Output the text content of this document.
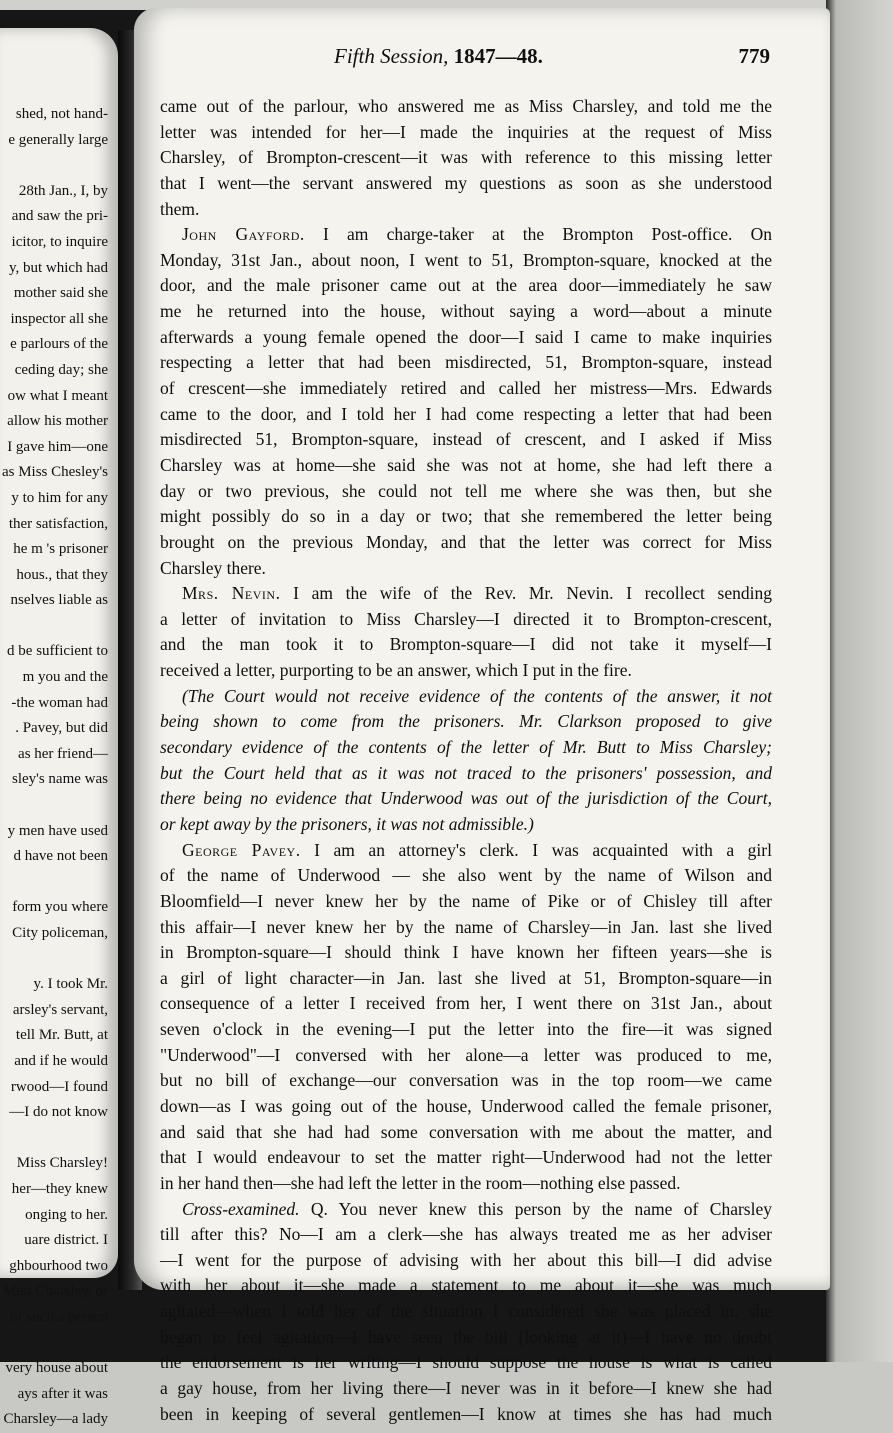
shed, not hand-
e generally large
28th Jan., I, by
and saw the pri-
icitor, to inquire
y, but which had
mother said she
inspector all she
e parlours of the
ceding day; she
ow what I meant
allow his mother
I gave him—one
as Miss Chesley's
y to him for any
ther satisfaction,
he m 's prisoner
hous., that they
nselves liable as
d be sufficient to
m you and the
-the woman had
. Pavey, but did
as her friend—
sley's name was
y men have used
d have not been
form you where
City policeman,
y. I took Mr.
arsley's servant,
tell Mr. Butt, at
and if he would
rwood—I found
—I do not know
Miss Charsley!
her—they knew
onging to her.
uare district. I
ghbourhood two
Miss Charsley, or
of such a person
very house about
ays after it was
Charsley—a lady
Fifth Session, 1847—48.	779
came out of the parlour, who answered me as Miss Charsley, and told me the
letter was intended for her—I made the inquiries at the request of Miss
Charsley, of Brompton-crescent—it was with reference to this missing letter
that I went—the servant answered my questions as soon as she understood
them.
John Gayford. I am charge-taker at the Brompton Post-office. On
Monday, 31st Jan., about noon, I went to 51, Brompton-square, knocked at the
door, and the male prisoner came out at the area door—immediately he saw
me he returned into the house, without saying a word—about a minute
afterwards a young female opened the door—I said I came to make inquiries
respecting a letter that had been misdirected, 51, Brompton-square, instead
of crescent—she immediately retired and called her mistress—Mrs. Edwards
came to the door, and I told her I had come respecting a letter that had been
misdirected 51, Brompton-square, instead of crescent, and I asked if Miss
Charsley was at home—she said she was not at home, she had left there a
day or two previous, she could not tell me where she was then, but she
might possibly do so in a day or two; that she remembered the letter being
brought on the previous Monday, and that the letter was correct for Miss
Charsley there.
Mrs. Nevin. I am the wife of the Rev. Mr. Nevin. I recollect sending
a letter of invitation to Miss Charsley—I directed it to Brompton-crescent,
and the man took it to Brompton-square—I did not take it myself—I
received a letter, purporting to be an answer, which I put in the fire.
(The Court would not receive evidence of the contents of the answer, it not
being shown to come from the prisoners. Mr. Clarkson proposed to give
secondary evidence of the contents of the letter of Mr. Butt to Miss Charsley;
but the Court held that as it was not traced to the prisoners' possession, and
there being no evidence that Underwood was out of the jurisdiction of the Court,
or kept away by the prisoners, it was not admissible.)
George Pavey. I am an attorney's clerk. I was acquainted with a girl
of the name of Underwood — she also went by the name of Wilson and
Bloomfield—I never knew her by the name of Pike or of Chisley till after
this affair—I never knew her by the name of Charsley—in Jan. last she lived
in Brompton-square—I should think I have known her fifteen years—she is
a girl of light character—in Jan. last she lived at 51, Brompton-square—in
consequence of a letter I received from her, I went there on 31st Jan., about
seven o'clock in the evening—I put the letter into the fire—it was signed
"Underwood"—I conversed with her alone—a letter was produced to me,
but no bill of exchange—our conversation was in the top room—we came
down—as I was going out of the house, Underwood called the female prisoner,
and said that she had had some conversation with me about the matter, and
that I would endeavour to set the matter right—Underwood had not the letter
in her hand then—she had left the letter in the room—nothing else passed.
Cross-examined. Q. You never knew this person by the name of Charsley
till after this? No—I am a clerk—she has always treated me as her adviser
—I went for the purpose of advising with her about this bill—I did advise
with her about it—she made a statement to me about it—she was much
agitated—when I told her of the situation I considered she was placed in, she
began to feel agitation—I have seen the bill (looking at it)—I have no doubt
the endorsement is her writing—I should suppose the house is what is called
a gay house, from her living there—I never was in it before—I knew she had
been in keeping of several gentlemen—I know at times she has had much
